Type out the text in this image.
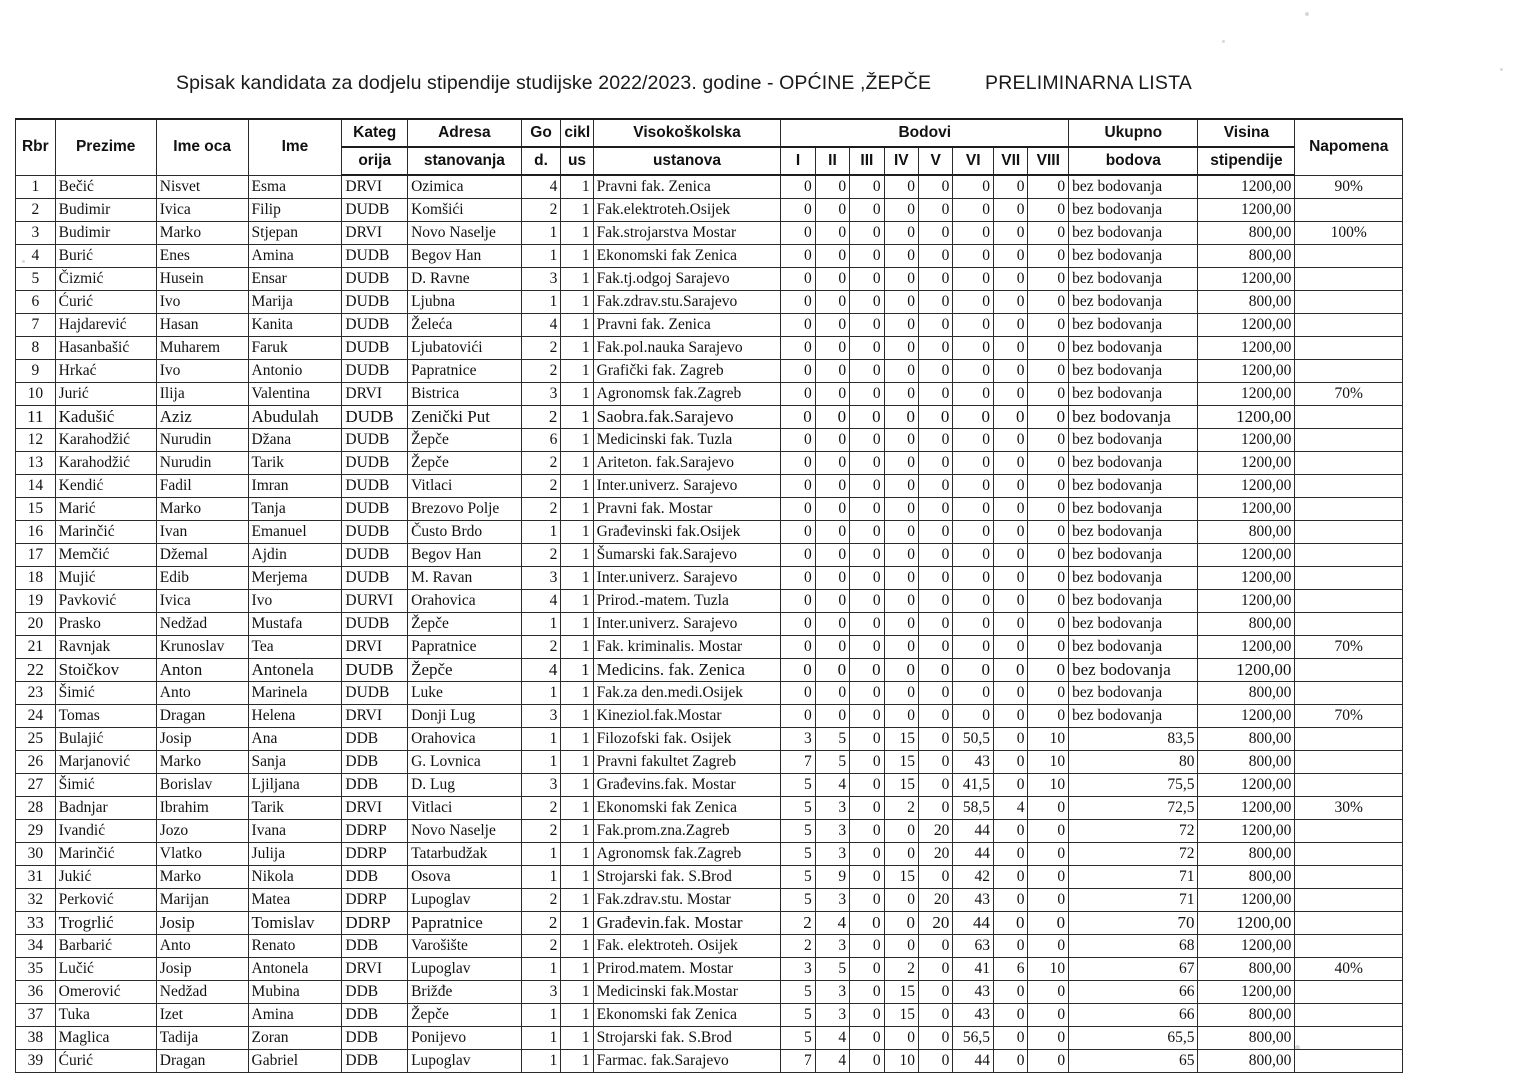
Spisak kandidata za dodjelu stipendije studijske 2022/2023. godine - OPĆINE ,ŽEPČE	PRELIMINARNA LISTA
Rbr	Prezime	Ime oca	Ime	Kateg	Adresa	Go	cikl	Visokoškolska	Bodovi								Ukupno	Visina	Napomena
				orija	stanovanja	d.	us	ustanova	I	II	III	IV	V	VI	VII	VIII	bodova	stipendije	
1	Bečić	Nisvet	Esma	DRVI	Ozimica	4	1	Pravni fak. Zenica	0	0	0	0	0	0	0	0	bez bodovanja	1200,00	90%
2	Budimir	Ivica	Filip	DUDB	Komšići	2	1	Fak.elektroteh.Osijek	0	0	0	0	0	0	0	0	bez bodovanja	1200,00	
3	Budimir	Marko	Stjepan	DRVI	Novo Naselje	1	1	Fak.strojarstva Mostar	0	0	0	0	0	0	0	0	bez bodovanja	800,00	100%
4	Burić	Enes	Amina	DUDB	Begov Han	1	1	Ekonomski fak Zenica	0	0	0	0	0	0	0	0	bez bodovanja	800,00	
5	Čizmić	Husein	Ensar	DUDB	D. Ravne	3	1	Fak.tj.odgoj Sarajevo	0	0	0	0	0	0	0	0	bez bodovanja	1200,00	
6	Ćurić	Ivo	Marija	DUDB	Ljubna	1	1	Fak.zdrav.stu.Sarajevo	0	0	0	0	0	0	0	0	bez bodovanja	800,00	
7	Hajdarević	Hasan	Kanita	DUDB	Želeća	4	1	Pravni fak. Zenica	0	0	0	0	0	0	0	0	bez bodovanja	1200,00	
8	Hasanbašić	Muharem	Faruk	DUDB	Ljubatovići	2	1	Fak.pol.nauka Sarajevo	0	0	0	0	0	0	0	0	bez bodovanja	1200,00	
9	Hrkać	Ivo	Antonio	DUDB	Papratnice	2	1	Grafički fak. Zagreb	0	0	0	0	0	0	0	0	bez bodovanja	1200,00	
10	Jurić	Ilija	Valentina	DRVI	Bistrica	3	1	Agronomsk fak.Zagreb	0	0	0	0	0	0	0	0	bez bodovanja	1200,00	70%
11	Kadušić	Aziz	Abudulah	DUDB	Zenički Put	2	1	Saobra.fak.Sarajevo	0	0	0	0	0	0	0	0	bez bodovanja	1200,00	
12	Karahodžić	Nurudin	Džana	DUDB	Žepče	6	1	Medicinski fak. Tuzla	0	0	0	0	0	0	0	0	bez bodovanja	1200,00	
13	Karahodžić	Nurudin	Tarik	DUDB	Žepče	2	1	Ariteton. fak.Sarajevo	0	0	0	0	0	0	0	0	bez bodovanja	1200,00	
14	Kendić	Fadil	Imran	DUDB	Vitlaci	2	1	Inter.univerz. Sarajevo	0	0	0	0	0	0	0	0	bez bodovanja	1200,00	
15	Marić	Marko	Tanja	DUDB	Brezovo Polje	2	1	Pravni fak. Mostar	0	0	0	0	0	0	0	0	bez bodovanja	1200,00	
16	Marinčić	Ivan	Emanuel	DUDB	Čusto Brdo	1	1	Građevinski fak.Osijek	0	0	0	0	0	0	0	0	bez bodovanja	800,00	
17	Memčić	Džemal	Ajdin	DUDB	Begov Han	2	1	Šumarski fak.Sarajevo	0	0	0	0	0	0	0	0	bez bodovanja	1200,00	
18	Mujić	Edib	Merjema	DUDB	M. Ravan	3	1	Inter.univerz. Sarajevo	0	0	0	0	0	0	0	0	bez bodovanja	1200,00	
19	Pavković	Ivica	Ivo	DURVI	Orahovica	4	1	Prirod.-matem. Tuzla	0	0	0	0	0	0	0	0	bez bodovanja	1200,00	
20	Prasko	Nedžad	Mustafa	DUDB	Žepče	1	1	Inter.univerz. Sarajevo	0	0	0	0	0	0	0	0	bez bodovanja	800,00	
21	Ravnjak	Krunoslav	Tea	DRVI	Papratnice	2	1	Fak. kriminalis. Mostar	0	0	0	0	0	0	0	0	bez bodovanja	1200,00	70%
22	Stoičkov	Anton	Antonela	DUDB	Žepče	4	1	Medicins. fak. Zenica	0	0	0	0	0	0	0	0	bez bodovanja	1200,00	
23	Šimić	Anto	Marinela	DUDB	Luke	1	1	Fak.za den.medi.Osijek	0	0	0	0	0	0	0	0	bez bodovanja	800,00	
24	Tomas	Dragan	Helena	DRVI	Donji Lug	3	1	Kineziol.fak.Mostar	0	0	0	0	0	0	0	0	bez bodovanja	1200,00	70%
25	Bulajić	Josip	Ana	DDB	Orahovica	1	1	Filozofski fak. Osijek	3	5	0	15	0	50,5	0	10	83,5	800,00	
26	Marjanović	Marko	Sanja	DDB	G. Lovnica	1	1	Pravni fakultet Zagreb	7	5	0	15	0	43	0	10	80	800,00	
27	Šimić	Borislav	Ljiljana	DDB	D. Lug	3	1	Građevins.fak. Mostar	5	4	0	15	0	41,5	0	10	75,5	1200,00	
28	Badnjar	Ibrahim	Tarik	DRVI	Vitlaci	2	1	Ekonomski fak Zenica	5	3	0	2	0	58,5	4	0	72,5	1200,00	30%
29	Ivandić	Jozo	Ivana	DDRP	Novo Naselje	2	1	Fak.prom.zna.Zagreb	5	3	0	0	20	44	0	0	72	1200,00	
30	Marinčić	Vlatko	Julija	DDRP	Tatarbudžak	1	1	Agronomsk fak.Zagreb	5	3	0	0	20	44	0	0	72	800,00	
31	Jukić	Marko	Nikola	DDB	Osova	1	1	Strojarski fak. S.Brod	5	9	0	15	0	42	0	0	71	800,00	
32	Perković	Marijan	Matea	DDRP	Lupoglav	2	1	Fak.zdrav.stu. Mostar	5	3	0	0	20	43	0	0	71	1200,00	
33	Trogrlić	Josip	Tomislav	DDRP	Papratnice	2	1	Građevin.fak. Mostar	2	4	0	0	20	44	0	0	70	1200,00	
34	Barbarić	Anto	Renato	DDB	Varošište	2	1	Fak. elektroteh. Osijek	2	3	0	0	0	63	0	0	68	1200,00	
35	Lučić	Josip	Antonela	DRVI	Lupoglav	1	1	Prirod.matem. Mostar	3	5	0	2	0	41	6	10	67	800,00	40%
36	Omerović	Nedžad	Mubina	DDB	Brižđe	3	1	Medicinski fak.Mostar	5	3	0	15	0	43	0	0	66	1200,00	
37	Tuka	Izet	Amina	DDB	Žepče	1	1	Ekonomski fak Zenica	5	3	0	15	0	43	0	0	66	800,00	
38	Maglica	Tadija	Zoran	DDB	Ponijevo	1	1	Strojarski fak. S.Brod	5	4	0	0	0	56,5	0	0	65,5	800,00	
39	Ćurić	Dragan	Gabriel	DDB	Lupoglav	1	1	Farmac. fak.Sarajevo	7	4	0	10	0	44	0	0	65	800,00	
